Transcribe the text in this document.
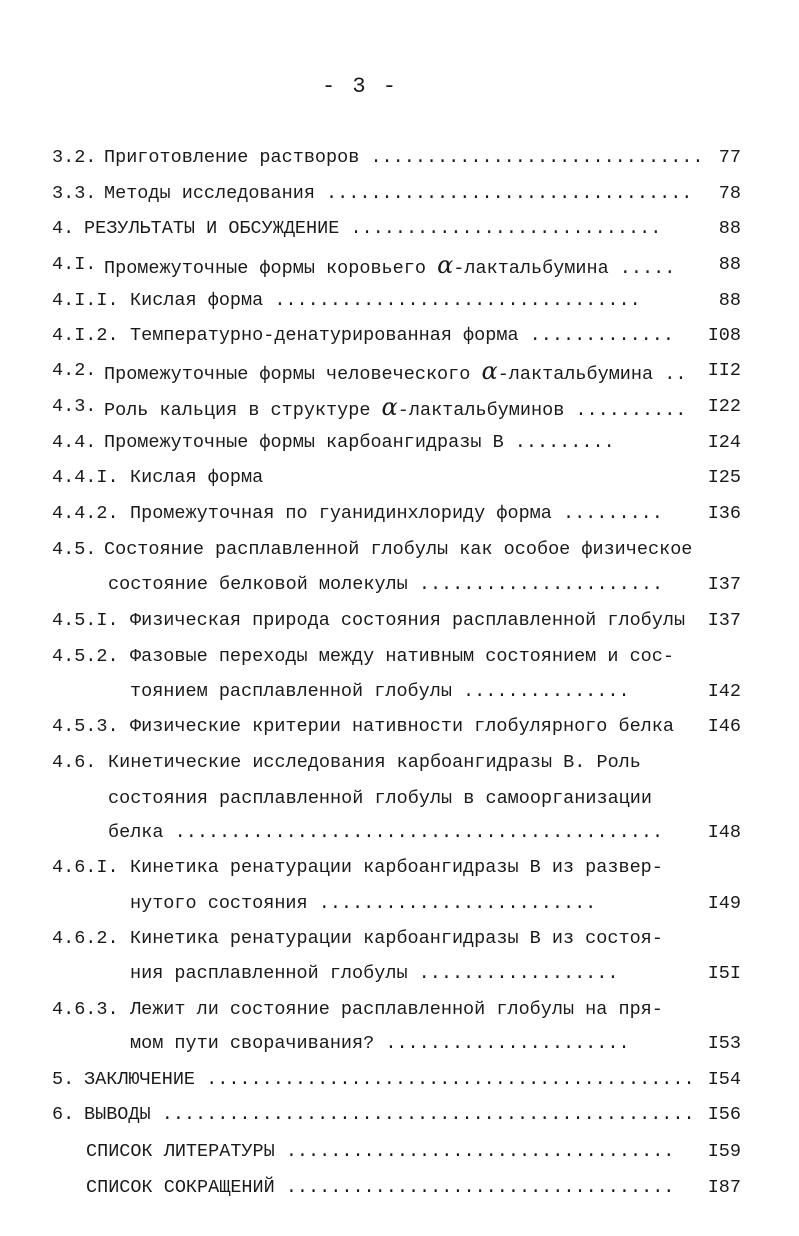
- 3 -
3.2. Приготовление растворов .............................. 77
3.3. Методы исследования ................................. 78
4. РЕЗУЛЬТАТЫ И ОБСУЖДЕНИЕ ............................	88
4.I. Промежуточные формы коровьего α-лактальбумина ..... 88
4.I.I. Кислая форма .................................	88
4.I.2. Температурно-денатурированная форма ............. I08
4.2. Промежуточные формы человеческого α-лактальбумина .. II2
4.3. Роль кальция в структуре α-лактальбуминов .......... I22
4.4. Промежуточные формы карбоангидразы В .........	I24
4.4.I. Кислая форма	I25
4.4.2. Промежуточная по гуанидинхлориду форма ......... I36
4.5. Состояние расплавленной глобулы как особое физическое
состояние белковой молекулы ...................... I37
4.5.I. Физическая природа состояния расплавленной глобулы I37
4.5.2. Фазовые переходы между нативным состоянием и сос-
тоянием расплавленной глобулы ...............	I42
4.5.3. Физические критерии нативности глобулярного белка I46
4.6. Кинетические исследования карбоангидразы В. Роль
состояния расплавленной глобулы в самоорганизации
белка ............................................ I48
4.6.I. Кинетика ренатурации карбоангидразы В из развер-
нутого состояния .........................	I49
4.6.2. Кинетика ренатурации карбоангидразы В из состоя-
ния расплавленной глобулы ..................	I5I
4.6.3. Лежит ли состояние расплавленной глобулы на пря-
мом пути сворачивания? ......................	I53
5. ЗАКЛЮЧЕНИЕ ............................................ I54
6. ВЫВОДЫ ................................................ I56
СПИСОК ЛИТЕРАТУРЫ ................................... I59
СПИСОК СОКРАЩЕНИЙ ................................... I87
